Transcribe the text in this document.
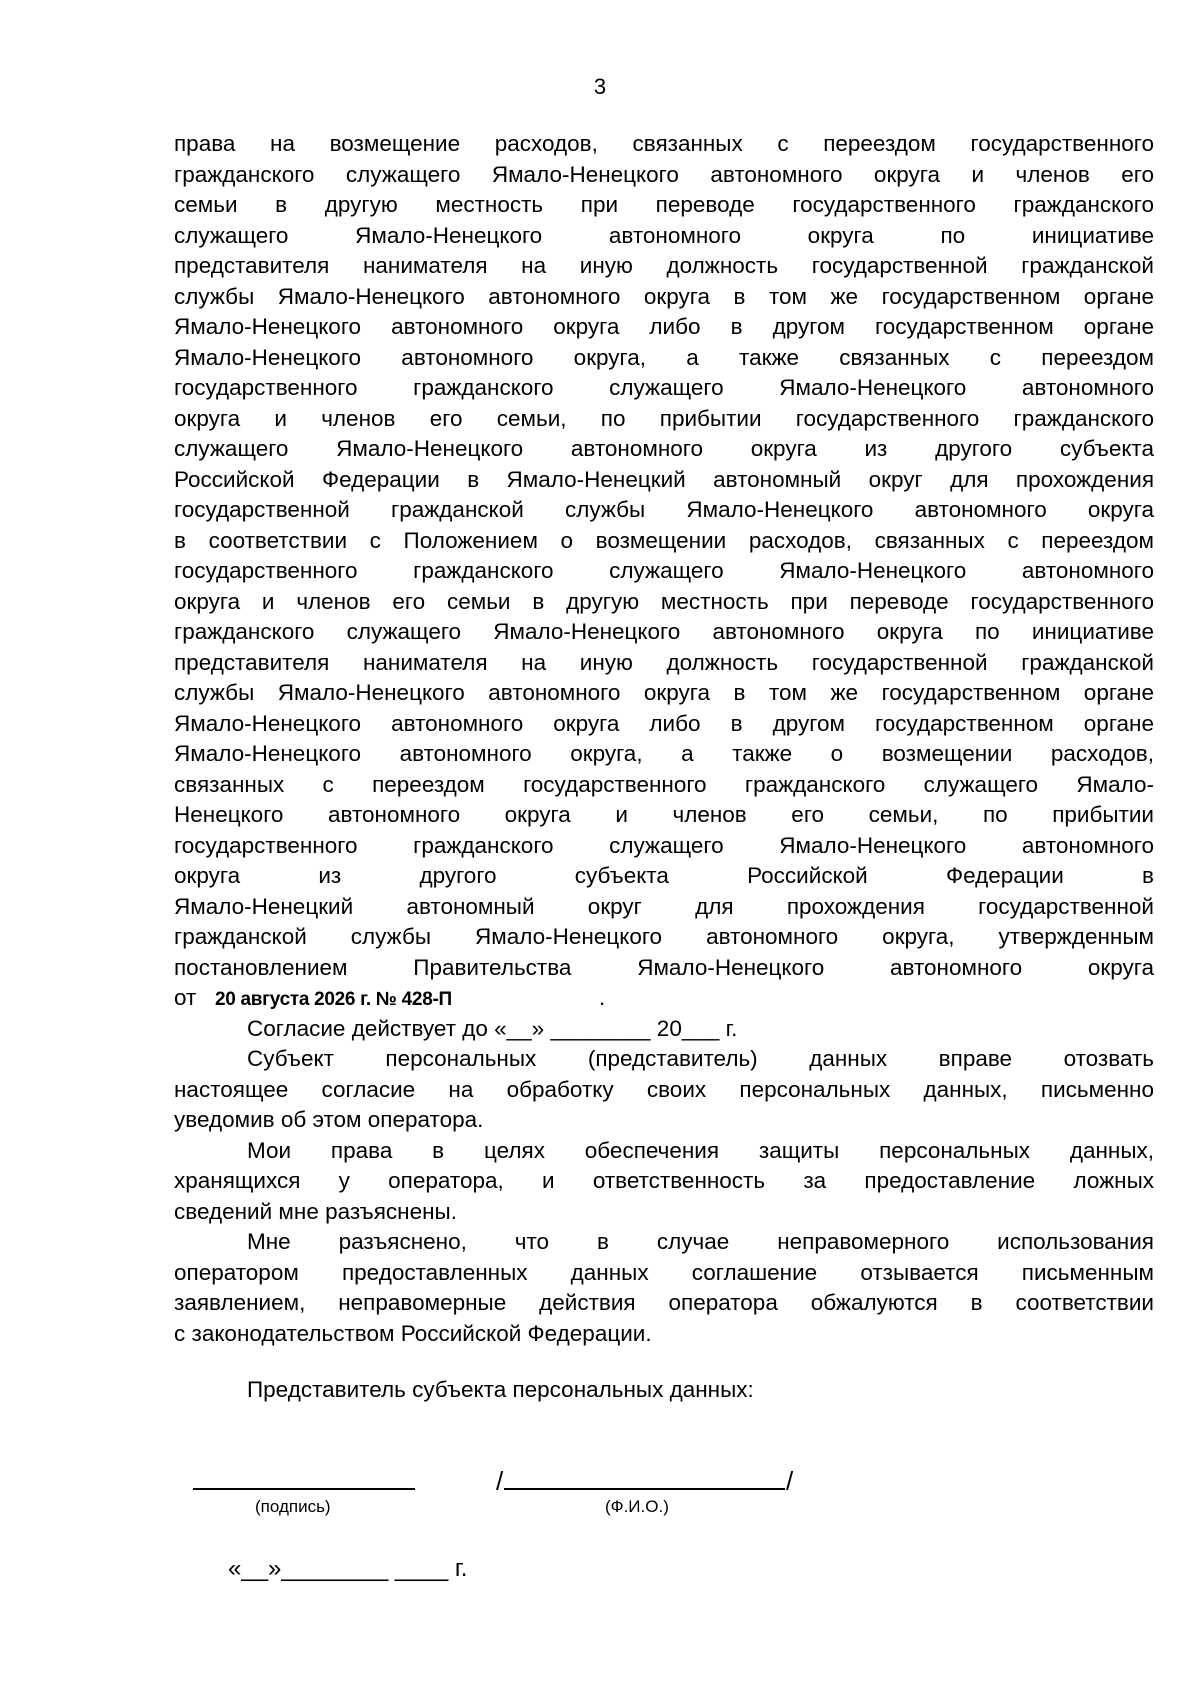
3
права на возмещение расходов, связанных с переездом государственного
гражданского служащего Ямало-Ненецкого автономного округа и членов его
семьи в другую местность при переводе государственного гражданского
служащего Ямало-Ненецкого автономного округа по инициативе
представителя нанимателя на иную должность государственной гражданской
службы Ямало-Ненецкого автономного округа в том же государственном органе
Ямало-Ненецкого автономного округа либо в другом государственном органе
Ямало-Ненецкого автономного округа, а также связанных с переездом
государственного гражданского служащего Ямало-Ненецкого автономного
округа и членов его семьи, по прибытии государственного гражданского
служащего Ямало-Ненецкого автономного округа из другого субъекта
Российской Федерации в Ямало-Ненецкий автономный округ для прохождения
государственной гражданской службы Ямало-Ненецкого автономного округа
в соответствии с Положением о возмещении расходов, связанных с переездом
государственного гражданского служащего Ямало-Ненецкого автономного
округа и членов его семьи в другую местность при переводе государственного
гражданского служащего Ямало-Ненецкого автономного округа по инициативе
представителя нанимателя на иную должность государственной гражданской
службы Ямало-Ненецкого автономного округа в том же государственном органе
Ямало-Ненецкого автономного округа либо в другом государственном органе
Ямало-Ненецкого автономного округа, а также о возмещении расходов,
связанных с переездом государственного гражданского служащего Ямало-
Ненецкого автономного округа и членов его семьи, по прибытии
государственного гражданского служащего Ямало-Ненецкого автономного
округа из другого субъекта Российской Федерации в
Ямало-Ненецкий автономный округ для прохождения государственной
гражданской службы Ямало-Ненецкого автономного округа, утвержденным
постановлением Правительства Ямало-Ненецкого автономного округа
от 20 августа 2026 г. № 428-П	.
Согласие действует до «__» ________ 20___ г.
Субъект персональных (представитель) данных вправе отозвать
настоящее согласие на обработку своих персональных данных, письменно
уведомив об этом оператора.
Мои права в целях обеспечения защиты персональных данных,
хранящихся у оператора, и ответственность за предоставление ложных
сведений мне разъяснены.
Мне разъяснено, что в случае неправомерного использования
оператором предоставленных данных соглашение отзывается письменным
заявлением, неправомерные действия оператора обжалуются в соответствии
с законодательством Российской Федерации.
Представитель субъекта персональных данных:
(подпись)
/	/
(Ф.И.О.)
«__»________ ____ г.
